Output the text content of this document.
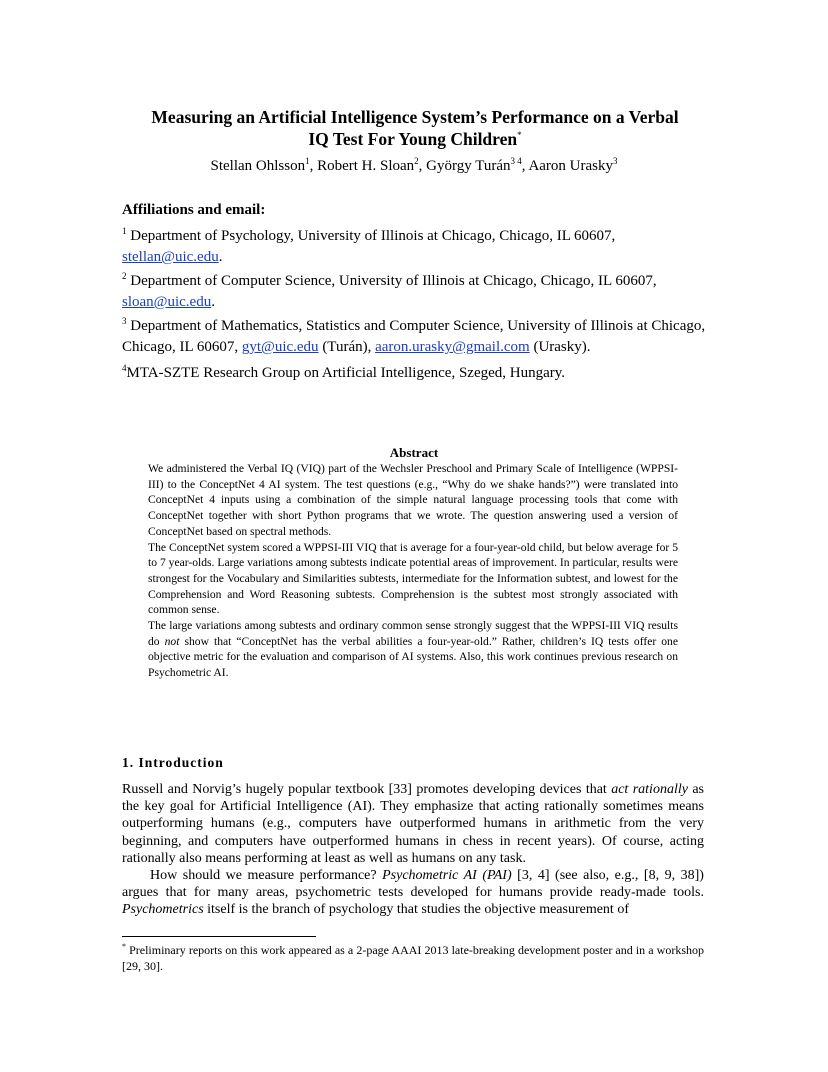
Measuring an Artificial Intelligence System’s Performance on a Verbal
IQ Test For Young Children*
Stellan Ohlsson$^1$, Robert H. Sloan$^2$, György Turán$^{3 4}$, Aaron Urasky$^3$
Affiliations and email:
$^1$ Department of Psychology, University of Illinois at Chicago, Chicago, IL 60607,
stellan@uic.edu.
$^2$ Department of Computer Science, University of Illinois at Chicago, Chicago, IL 60607,
sloan@uic.edu.
$^3$ Department of Mathematics, Statistics and Computer Science, University of Illinois at Chicago, Chicago, IL 60607, gyt@uic.edu (Turán), aaron.urasky@gmail.com (Urasky).
$^4$MTA-SZTE Research Group on Artificial Intelligence, Szeged, Hungary.
Abstract

We administered the Verbal IQ (VIQ) part of the Wechsler Preschool and Primary Scale of Intelligence (WPPSI-III) to the ConceptNet 4 AI system. The test questions (e.g., “Why do we shake hands?”) were translated into ConceptNet 4 inputs using a combination of the simple natural language processing tools that come with ConceptNet together with short Python programs that we wrote. The question answering used a version of ConceptNet based on spectral methods.

The ConceptNet system scored a WPPSI-III VIQ that is average for a four-year-old child, but below average for 5 to 7 year-olds. Large variations among subtests indicate potential areas of improvement. In particular, results were strongest for the Vocabulary and Similarities subtests, intermediate for the Information subtest, and lowest for the Comprehension and Word Reasoning subtests. Comprehension is the subtest most strongly associated with common sense.

The large variations among subtests and ordinary common sense strongly suggest that the WPPSI-III VIQ results do not show that “ConceptNet has the verbal abilities a four-year-old.” Rather, children’s IQ tests offer one objective metric for the evaluation and comparison of AI systems. Also, this work continues previous research on Psychometric AI.

1. Introduction

Russell and Norvig’s hugely popular textbook [33] promotes developing devices that act rationally as the key goal for Artificial Intelligence (AI). They emphasize that acting rationally sometimes means outperforming humans (e.g., computers have outperformed humans in arithmetic from the very beginning, and computers have outperformed humans in chess in recent years). Of course, acting rationally also means performing at least as well as humans on any task.

How should we measure performance? Psychometric AI (PAI) [3, 4] (see also, e.g., [8, 9, 38]) argues that for many areas, psychometric tests developed for humans provide ready-made tools. Psychometrics itself is the branch of psychology that studies the objective measurement of

* Preliminary reports on this work appeared as a 2-page AAAI 2013 late-breaking development poster and in a workshop [29, 30].
